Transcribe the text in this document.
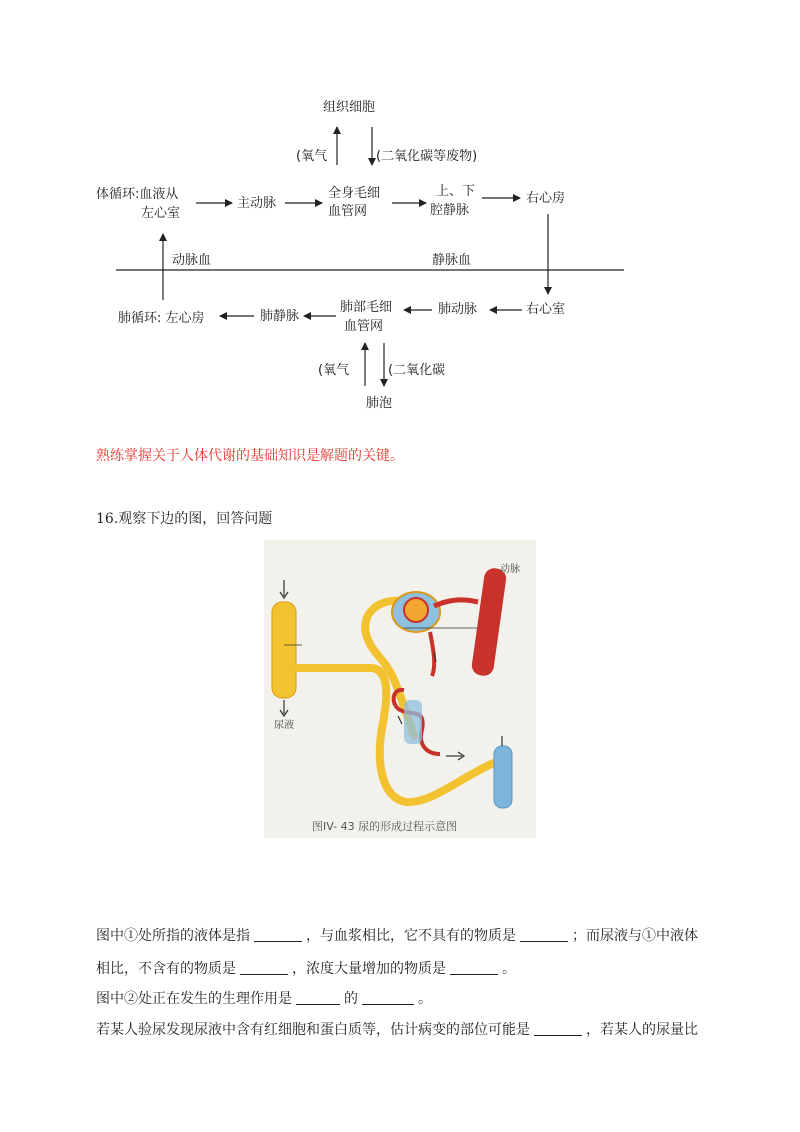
组织细胞
(氧气	(二氧化碳等废物)
体循环:血液从
左心室
主动脉
全身毛细
血管网
上、下
腔静脉
右心房
动脉血	静脉血
肺循环: 左心房	肺静脉
肺部毛细
血管网
肺动脉	右心室
(氧气	(二氧化碳
肺泡
熟练掌握关于人体代谢的基础知识是解题的关键。
16.观察下边的图，回答问题
尿液
动脉
图IV- 43 尿的形成过程示意图
图中①处所指的液体是指	，与血浆相比，它不具有的物质是	；而尿液与①中液体
相比，不含有的物质是	，浓度大量增加的物质是	。
图中②处正在发生的生理作用是	的	。
若某人验尿发现尿液中含有红细胞和蛋白质等，估计病变的部位可能是	，若某人的尿量比
